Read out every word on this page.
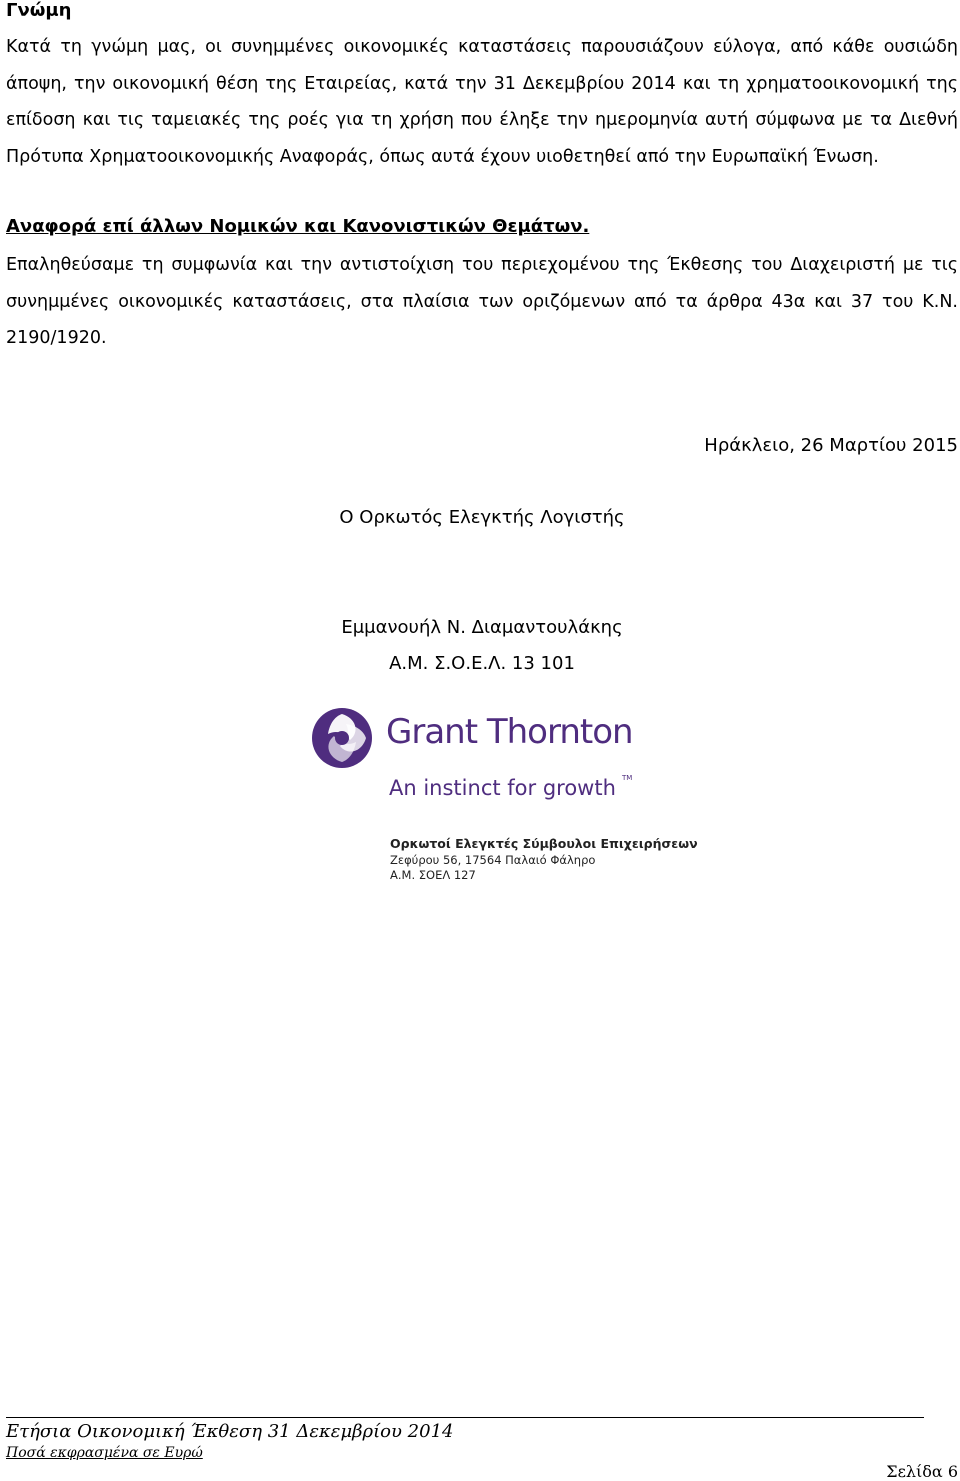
Γνώμη

Κατά τη γνώμη μας, οι συνημμένες οικονομικές καταστάσεις παρουσιάζουν εύλογα, από κάθε ουσιώδη άποψη, την οικονομική θέση της Εταιρείας, κατά την 31 Δεκεμβρίου 2014 και τη χρηματοοικονομική της επίδοση και τις ταμειακές της ροές για τη χρήση που έληξε την ημερομηνία αυτή σύμφωνα με τα Διεθνή Πρότυπα Χρηματοοικονομικής Αναφοράς, όπως αυτά έχουν υιοθετηθεί από την Ευρωπαϊκή Ένωση.

Αναφορά επί άλλων Νομικών και Κανονιστικών Θεμάτων.

Επαληθεύσαμε τη συμφωνία και την αντιστοίχιση του περιεχομένου της Έκθεσης του Διαχειριστή με τις συνημμένες οικονομικές καταστάσεις, στα πλαίσια των οριζόμενων από τα άρθρα 43α και 37 του Κ.Ν. 2190/1920.

Ηράκλειο, 26 Μαρτίου 2015

Ο Ορκωτός Ελεγκτής Λογιστής

Εμμανουήλ Ν. Διαμαντουλάκης

Α.Μ. Σ.Ο.Ε.Λ. 13 101

Grant Thornton
An instinct for growth TM
Ορκωτοί Ελεγκτές Σύμβουλοι Επιχειρήσεων
Ζεφύρου 56, 17564 Παλαιό Φάληρο
Α.Μ. ΣΟΕΛ 127

Ετήσια Οικονομική Έκθεση 31 Δεκεμβρίου 2014

Ποσά εκφρασμένα σε Ευρώ

Σελίδα 6
